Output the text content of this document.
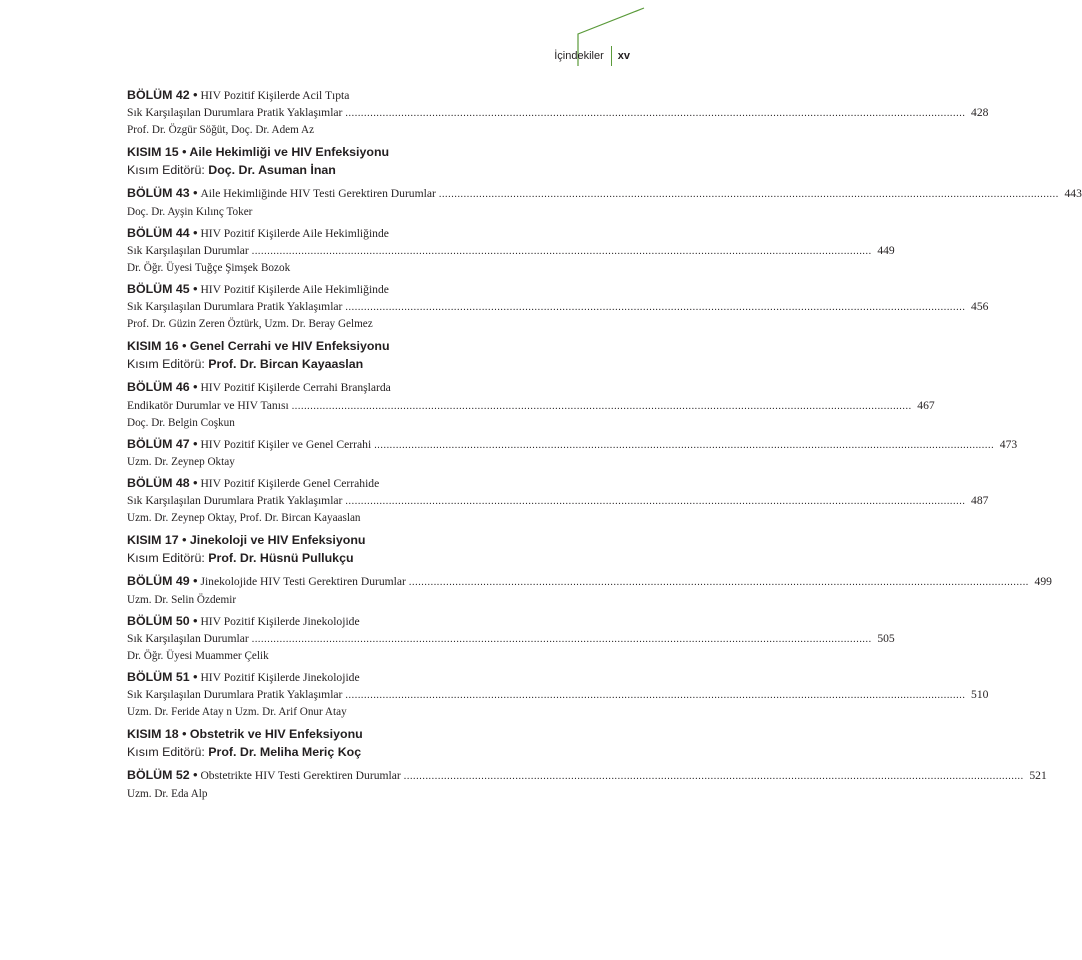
İçindekiler	xv
BÖLÜM 42 • HIV Pozitif Kişilerde Acil Tıpta
Sık Karşılaşılan Durumlara Pratik Yaklaşımlar ........................................................................................................................................................................................................ 428
Prof. Dr. Özgür Söğüt, Doç. Dr. Adem Az
KISIM 15 • Aile Hekimliği ve HIV Enfeksiyonu
Kısım Editörü: Doç. Dr. Asuman İnan
BÖLÜM 43 • Aile Hekimliğinde HIV Testi Gerektiren Durumlar ........................................................................................................................................................................................................ 443
Doç. Dr. Ayşin Kılınç Toker
BÖLÜM 44 • HIV Pozitif Kişilerde Aile Hekimliğinde
Sık Karşılaşılan Durumlar ........................................................................................................................................................................................................ 449
Dr. Öğr. Üyesi Tuğçe Şimşek Bozok
BÖLÜM 45 • HIV Pozitif Kişilerde Aile Hekimliğinde
Sık Karşılaşılan Durumlara Pratik Yaklaşımlar ........................................................................................................................................................................................................ 456
Prof. Dr. Güzin Zeren Öztürk, Uzm. Dr. Beray Gelmez
KISIM 16 • Genel Cerrahi ve HIV Enfeksiyonu
Kısım Editörü: Prof. Dr. Bircan Kayaaslan
BÖLÜM 46 • HIV Pozitif Kişilerde Cerrahi Branşlarda
Endikatör Durumlar ve HIV Tanısı ........................................................................................................................................................................................................ 467
Doç. Dr. Belgin Coşkun
BÖLÜM 47 • HIV Pozitif Kişiler ve Genel Cerrahi ........................................................................................................................................................................................................ 473
Uzm. Dr. Zeynep Oktay
BÖLÜM 48 • HIV Pozitif Kişilerde Genel Cerrahide
Sık Karşılaşılan Durumlara Pratik Yaklaşımlar ........................................................................................................................................................................................................ 487
Uzm. Dr. Zeynep Oktay, Prof. Dr. Bircan Kayaaslan
KISIM 17 • Jinekoloji ve HIV Enfeksiyonu
Kısım Editörü: Prof. Dr. Hüsnü Pullukçu
BÖLÜM 49 • Jinekolojide HIV Testi Gerektiren Durumlar ........................................................................................................................................................................................................ 499
Uzm. Dr. Selin Özdemir
BÖLÜM 50 • HIV Pozitif Kişilerde Jinekolojide
Sık Karşılaşılan Durumlar ........................................................................................................................................................................................................ 505
Dr. Öğr. Üyesi Muammer Çelik
BÖLÜM 51 • HIV Pozitif Kişilerde Jinekolojide
Sık Karşılaşılan Durumlara Pratik Yaklaşımlar ........................................................................................................................................................................................................ 510
Uzm. Dr. Feride Atay n Uzm. Dr. Arif Onur Atay
KISIM 18 • Obstetrik ve HIV Enfeksiyonu
Kısım Editörü: Prof. Dr. Meliha Meriç Koç
BÖLÜM 52 • Obstetrikte HIV Testi Gerektiren Durumlar ........................................................................................................................................................................................................ 521
Uzm. Dr. Eda Alp
